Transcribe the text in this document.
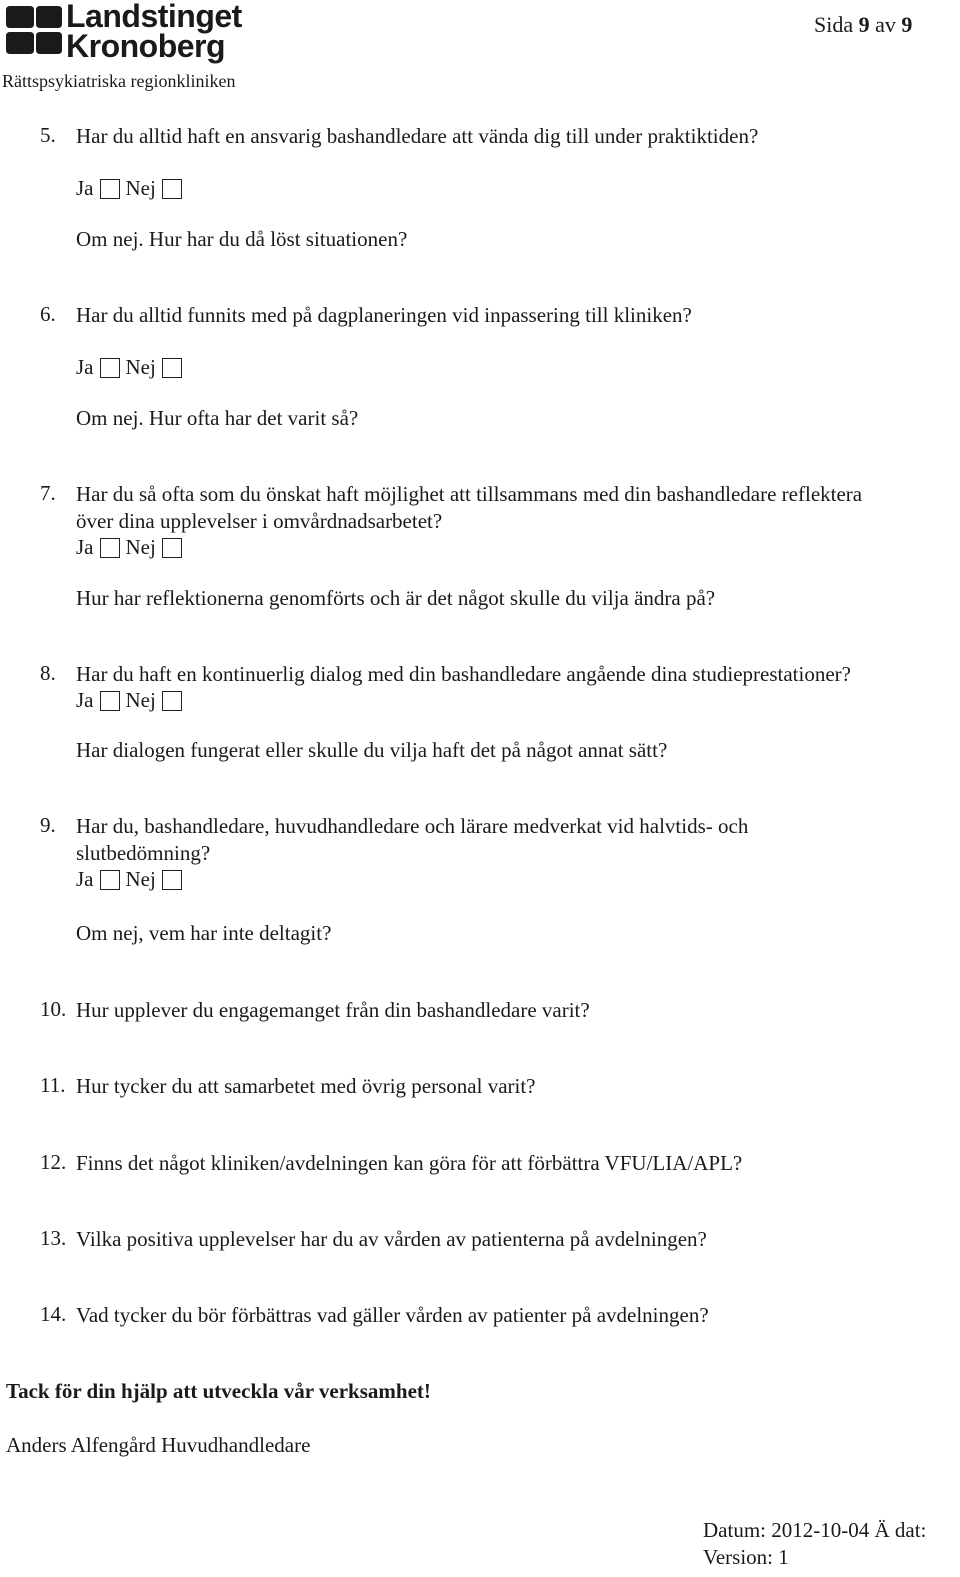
Landstinget
Kronoberg
Rättspsykiatriska regionkliniken
Sida 9 av 9
5. Har du alltid haft en ansvarig bashandledare att vända dig till under praktiktiden?
Ja Nej
Om nej. Hur har du då löst situationen?
6. Har du alltid funnits med på dagplaneringen vid inpassering till kliniken?
Ja Nej
Om nej. Hur ofta har det varit så?
7. Har du så ofta som du önskat haft möjlighet att tillsammans med din bashandledare reflektera
över dina upplevelser i omvårdnadsarbetet?
Ja Nej
Hur har reflektionerna genomförts och är det något skulle du vilja ändra på?
8. Har du haft en kontinuerlig dialog med din bashandledare angående dina studieprestationer?
Ja Nej
Har dialogen fungerat eller skulle du vilja haft det på något annat sätt?
9. Har du, bashandledare, huvudhandledare och lärare medverkat vid halvtids- och
slutbedömning?
Ja Nej
Om nej, vem har inte deltagit?
10. Hur upplever du engagemanget från din bashandledare varit?
11. Hur tycker du att samarbetet med övrig personal varit?
12. Finns det något kliniken/avdelningen kan göra för att förbättra VFU/LIA/APL?
13. Vilka positiva upplevelser har du av vården av patienterna på avdelningen?
14. Vad tycker du bör förbättras vad gäller vården av patienter på avdelningen?
Tack för din hjälp att utveckla vår verksamhet!
Anders Alfengård Huvudhandledare
Datum: 2012-10-04 Ä dat:
Version: 1
